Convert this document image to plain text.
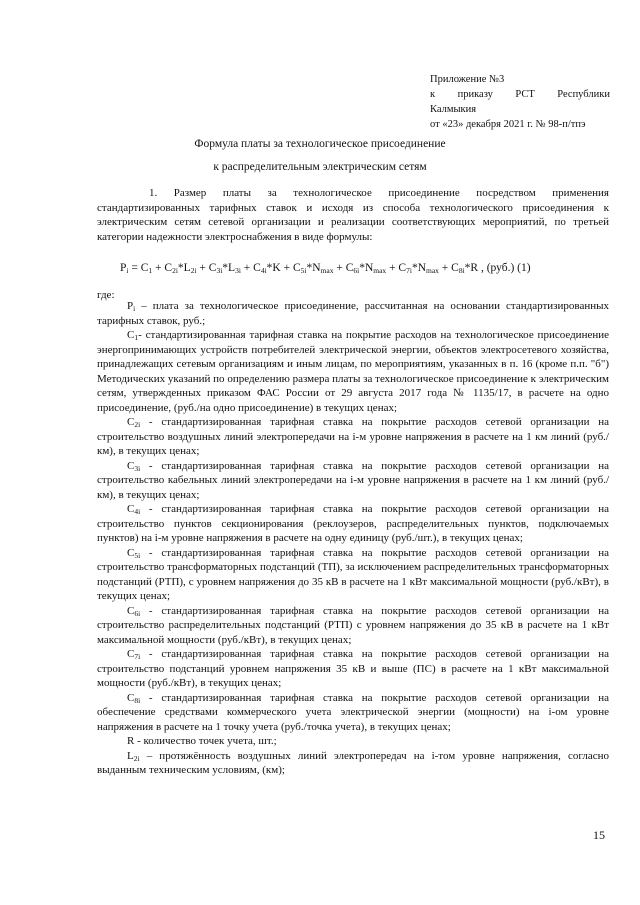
Приложение №3
к приказу РСТ Республики
Калмыкия
от «23» декабря 2021 г. № 98-п/тпэ
Формула платы за технологическое присоединение
к распределительным электрическим сетям

1. Размер платы за технологическое присоединение посредством применения стандартизированных тарифных ставок и исходя из способа технологического присоединения к электрическим сетям сетевой организации и реализации соответствующих мероприятий, по третьей категории надежности электроснабжения в виде формулы:

$P_i = C_1 + C_{2i}*L_{2i} + C_{3i}*L_{3i} + C_{4i}*K + C_{5i}*N_{max} + C_{6i}*N_{max} + C_{7i}*N_{max} + C_{8i}*R$ , (руб.) (1)
где:

$P_i$ – плата за технологическое присоединение, рассчитанная на основании стандартизированных тарифных ставок, руб.;

$C_1-$ стандартизированная тарифная ставка на покрытие расходов на технологическое присоединение энергопринимающих устройств потребителей электрической энергии, объектов электросетевого хозяйства, принадлежащих сетевым организациям и иным лицам, по мероприятиям, указанных в п. 16 (кроме п.п. "б") Методических указаний по определению размера платы за технологическое присоединение к электрическим сетям, утвержденных приказом ФАС России от 29 августа 2017 года № 1135/17, в расчете на одно присоединение, (руб./на одно присоединение) в текущих ценах;

$C_{2i}$ - стандартизированная тарифная ставка на покрытие расходов сетевой организации на строительство воздушных линий электропередачи на i-м уровне напряжения в расчете на 1 км линий (руб./км), в текущих ценах;

$C_{3i}$ - стандартизированная тарифная ставка на покрытие расходов сетевой организации на строительство кабельных линий электропередачи на i-м уровне напряжения в расчете на 1 км линий (руб./км), в текущих ценах;

$C_{4i}$ - стандартизированная тарифная ставка на покрытие расходов сетевой организации на строительство пунктов секционирования (реклоузеров, распределительных пунктов, подключаемых пунктов) на i-м уровне напряжения в расчете на одну единицу (руб./шт.), в текущих ценах;

$C_{5i}$ - стандартизированная тарифная ставка на покрытие расходов сетевой организации на строительство трансформаторных подстанций (ТП), за исключением распределительных трансформаторных подстанций (РТП), с уровнем напряжения до 35 кВ в расчете на 1 кВт максимальной мощности (руб./кВт), в текущих ценах;

$C_{6i}$ - стандартизированная тарифная ставка на покрытие расходов сетевой организации на строительство распределительных подстанций (РТП) с уровнем напряжения до 35 кВ в расчете на 1 кВт максимальной мощности (руб./кВт), в текущих ценах;

$C_{7i}$ - стандартизированная тарифная ставка на покрытие расходов сетевой организации на строительство подстанций уровнем напряжения 35 кВ и выше (ПС) в расчете на 1 кВт максимальной мощности (руб./кВт), в текущих ценах;

$C_{8i}$ - стандартизированная тарифная ставка на покрытие расходов сетевой организации на обеспечение средствами коммерческого учета электрической энергии (мощности) на i-ом уровне напряжения в расчете на 1 точку учета (руб./точка учета), в текущих ценах;

R - количество точек учета, шт.;

$L_{2i}$ – протяжённость воздушных линий электропередач на i-том уровне напряжения, согласно выданным техническим условиям, (км);

15
